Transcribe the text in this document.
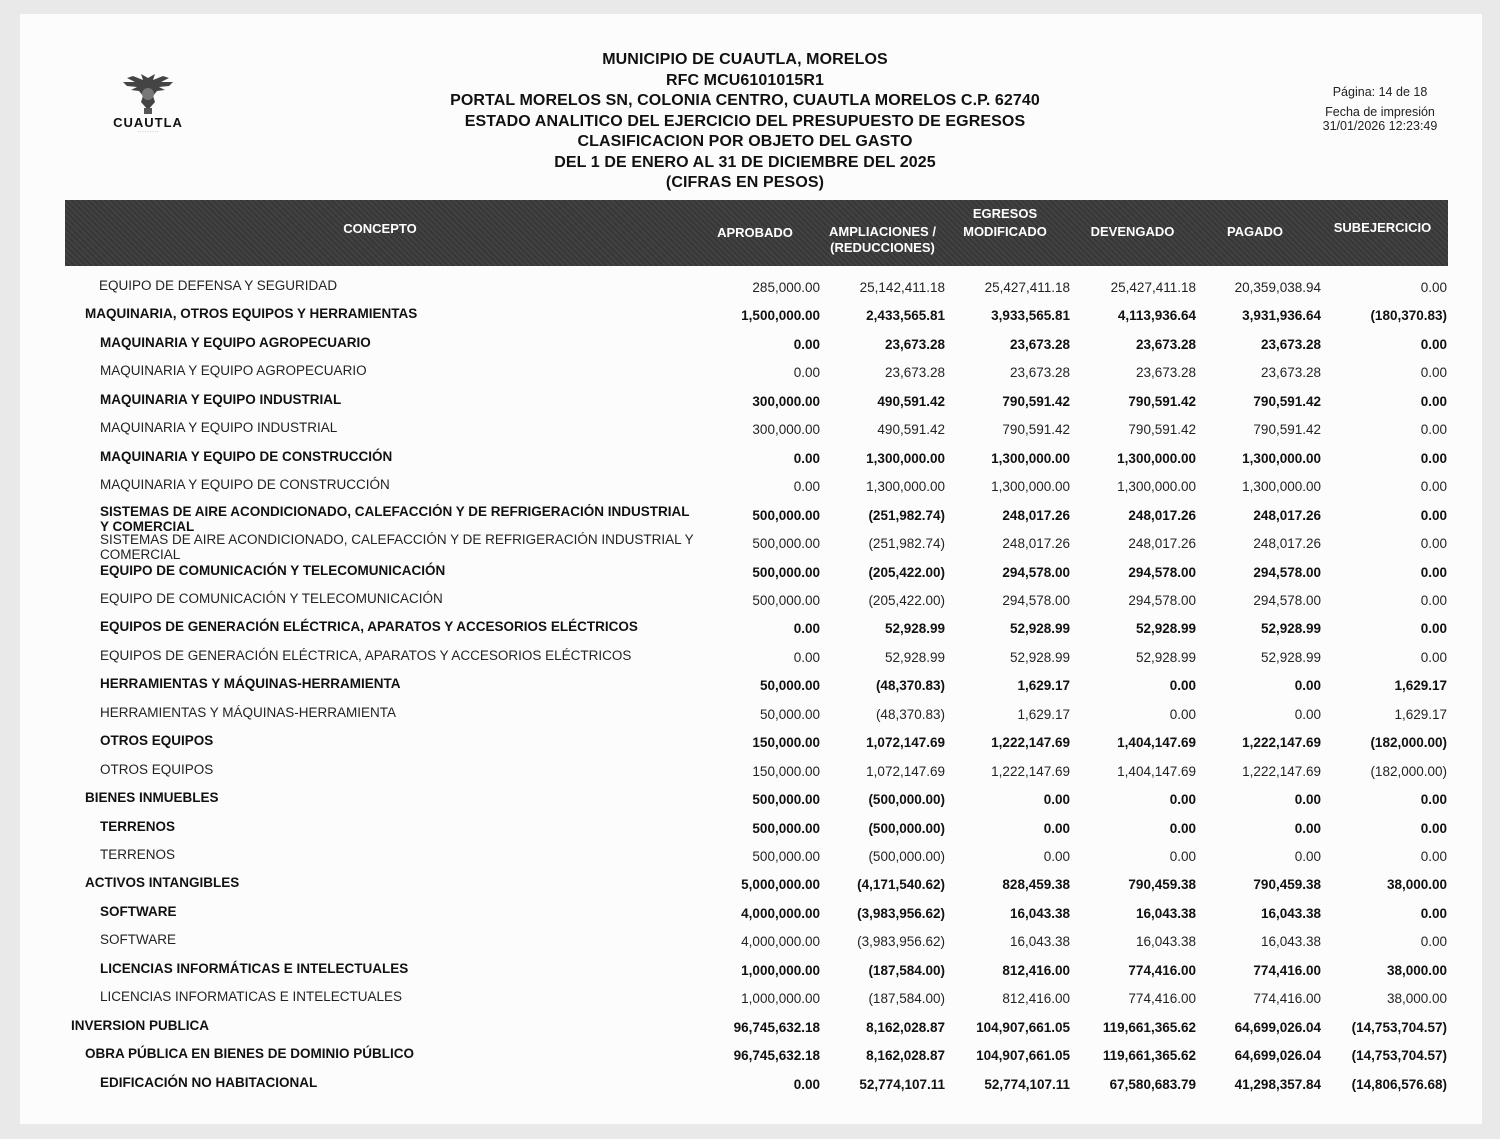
CUAUTLA
· · · · · · · · ·
MUNICIPIO DE CUAUTLA, MORELOS
RFC MCU6101015R1
PORTAL MORELOS SN, COLONIA CENTRO, CUAUTLA MORELOS C.P. 62740
ESTADO ANALITICO DEL EJERCICIO DEL PRESUPUESTO DE EGRESOS
CLASIFICACION POR OBJETO DEL GASTO
DEL 1 DE ENERO AL 31 DE DICIEMBRE DEL 2025
(CIFRAS EN PESOS)
Página: 14 de 18
Fecha de impresión
31/01/2026 12:23:49
CONCEPTO	APROBADO	AMPLIACIONES /
(REDUCCIONES)
EGRESOS
MODIFICADO	DEVENGADO	PAGADO	SUBEJERCICIO
EQUIPO DE DEFENSA Y SEGURIDAD	285,000.00	25,142,411.18	25,427,411.18	25,427,411.18	20,359,038.94	0.00
MAQUINARIA, OTROS EQUIPOS Y HERRAMIENTAS	1,500,000.00	2,433,565.81	3,933,565.81	4,113,936.64	3,931,936.64	(180,370.83)
MAQUINARIA Y EQUIPO AGROPECUARIO	0.00	23,673.28	23,673.28	23,673.28	23,673.28	0.00
MAQUINARIA Y EQUIPO AGROPECUARIO	0.00	23,673.28	23,673.28	23,673.28	23,673.28	0.00
MAQUINARIA Y EQUIPO INDUSTRIAL	300,000.00	490,591.42	790,591.42	790,591.42	790,591.42	0.00
MAQUINARIA Y EQUIPO INDUSTRIAL	300,000.00	490,591.42	790,591.42	790,591.42	790,591.42	0.00
MAQUINARIA Y EQUIPO DE CONSTRUCCIÓN	0.00	1,300,000.00	1,300,000.00	1,300,000.00	1,300,000.00	0.00
MAQUINARIA Y EQUIPO DE CONSTRUCCIÓN	0.00	1,300,000.00	1,300,000.00	1,300,000.00	1,300,000.00	0.00
SISTEMAS DE AIRE ACONDICIONADO, CALEFACCIÓN Y DE REFRIGERACIÓN INDUSTRIAL Y COMERCIAL
500,000.00	(251,982.74)	248,017.26	248,017.26	248,017.26	0.00
SISTEMAS DE AIRE ACONDICIONADO, CALEFACCIÓN Y DE REFRIGERACIÓN INDUSTRIAL Y COMERCIAL
500,000.00	(251,982.74)	248,017.26	248,017.26	248,017.26	0.00
EQUIPO DE COMUNICACIÓN Y TELECOMUNICACIÓN	500,000.00	(205,422.00)	294,578.00	294,578.00	294,578.00	0.00
EQUIPO DE COMUNICACIÓN Y TELECOMUNICACIÓN	500,000.00	(205,422.00)	294,578.00	294,578.00	294,578.00	0.00
EQUIPOS DE GENERACIÓN ELÉCTRICA, APARATOS Y ACCESORIOS ELÉCTRICOS	0.00	52,928.99	52,928.99	52,928.99	52,928.99	0.00
EQUIPOS DE GENERACIÓN ELÉCTRICA, APARATOS Y ACCESORIOS ELÉCTRICOS	0.00	52,928.99	52,928.99	52,928.99	52,928.99	0.00
HERRAMIENTAS Y MÁQUINAS-HERRAMIENTA	50,000.00	(48,370.83)	1,629.17	0.00	0.00	1,629.17
HERRAMIENTAS Y MÁQUINAS-HERRAMIENTA	50,000.00	(48,370.83)	1,629.17	0.00	0.00	1,629.17
OTROS EQUIPOS	150,000.00	1,072,147.69	1,222,147.69	1,404,147.69	1,222,147.69	(182,000.00)
OTROS EQUIPOS	150,000.00	1,072,147.69	1,222,147.69	1,404,147.69	1,222,147.69	(182,000.00)
BIENES INMUEBLES	500,000.00	(500,000.00)	0.00	0.00	0.00	0.00
TERRENOS	500,000.00	(500,000.00)	0.00	0.00	0.00	0.00
TERRENOS	500,000.00	(500,000.00)	0.00	0.00	0.00	0.00
ACTIVOS INTANGIBLES	5,000,000.00	(4,171,540.62)	828,459.38	790,459.38	790,459.38	38,000.00
SOFTWARE	4,000,000.00	(3,983,956.62)	16,043.38	16,043.38	16,043.38	0.00
SOFTWARE	4,000,000.00	(3,983,956.62)	16,043.38	16,043.38	16,043.38	0.00
LICENCIAS INFORMÁTICAS E INTELECTUALES	1,000,000.00	(187,584.00)	812,416.00	774,416.00	774,416.00	38,000.00
LICENCIAS INFORMATICAS E INTELECTUALES	1,000,000.00	(187,584.00)	812,416.00	774,416.00	774,416.00	38,000.00
INVERSION PUBLICA	96,745,632.18	8,162,028.87	104,907,661.05	119,661,365.62	64,699,026.04	(14,753,704.57)
OBRA PÚBLICA EN BIENES DE DOMINIO PÚBLICO	96,745,632.18	8,162,028.87	104,907,661.05	119,661,365.62	64,699,026.04	(14,753,704.57)
EDIFICACIÓN NO HABITACIONAL	0.00	52,774,107.11	52,774,107.11	67,580,683.79	41,298,357.84	(14,806,576.68)
